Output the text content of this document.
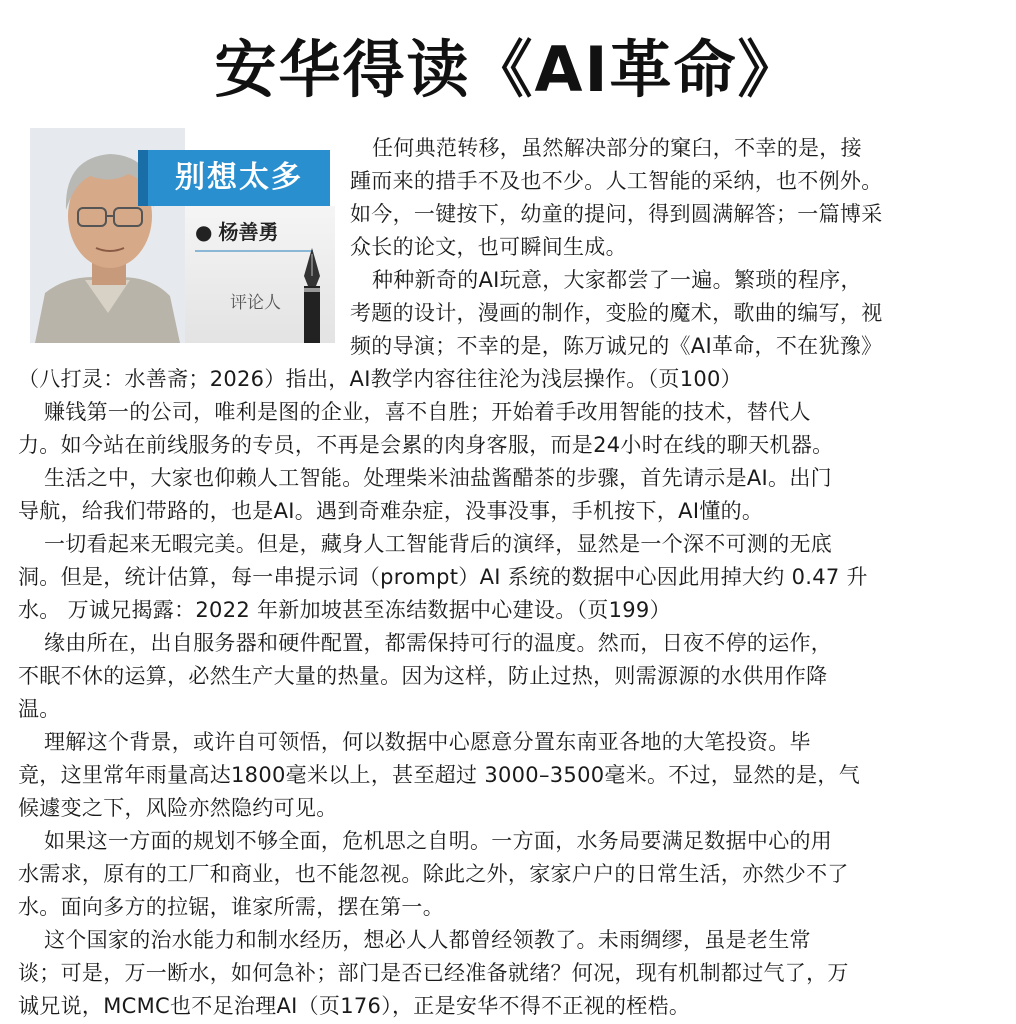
安华得读《AI革命》
别想太多
● 杨善勇
评论人
任何典范转移，虽然解决部分的窠臼，不幸的是，接
踵而来的措手不及也不少。人工智能的采纳，也不例外。
如今，一键按下，幼童的提问，得到圆满解答；一篇博采
众长的论文，也可瞬间生成。
种种新奇的AI玩意，大家都尝了一遍。繁琐的程序，
考题的设计，漫画的制作，变脸的魔术，歌曲的编写，视
频的导演；不幸的是，陈万诚兄的《AI革命，不在犹豫》
（八打灵：水善斋；2026）指出，AI教学内容往往沦为浅层操作。（页100）
赚钱第一的公司，唯利是图的企业，喜不自胜；开始着手改用智能的技术，替代人
力。如今站在前线服务的专员，不再是会累的肉身客服，而是24小时在线的聊天机器。
生活之中，大家也仰赖人工智能。处理柴米油盐酱醋茶的步骤，首先请示是AI。出门
导航，给我们带路的，也是AI。遇到奇难杂症，没事没事，手机按下，AI懂的。
一切看起来无暇完美。但是，藏身人工智能背后的演绎，显然是一个深不可测的无底
洞。但是，统计估算，每一串提示词（prompt）AI 系统的数据中心因此用掉大约 0.47 升
水。 万诚兄揭露：2022 年新加坡甚至冻结数据中心建设。（页199）
缘由所在，出自服务器和硬件配置，都需保持可行的温度。然而，日夜不停的运作，
不眠不休的运算，必然生产大量的热量。因为这样，防止过热，则需源源的水供用作降
温。
理解这个背景，或许自可领悟，何以数据中心愿意分置东南亚各地的大笔投资。毕
竟，这里常年雨量高达1800毫米以上，甚至超过 3000–3500毫米。不过，显然的是，气
候遽变之下，风险亦然隐约可见。
如果这一方面的规划不够全面，危机思之自明。一方面，水务局要满足数据中心的用
水需求，原有的工厂和商业，也不能忽视。除此之外，家家户户的日常生活，亦然少不了
水。面向多方的拉锯，谁家所需，摆在第一。
这个国家的治水能力和制水经历，想必人人都曾经领教了。未雨绸缪，虽是老生常
谈；可是，万一断水，如何急补；部门是否已经准备就绪？何况，现有机制都过气了，万
诚兄说，MCMC也不足治理AI（页176），正是安华不得不正视的桎梏。
